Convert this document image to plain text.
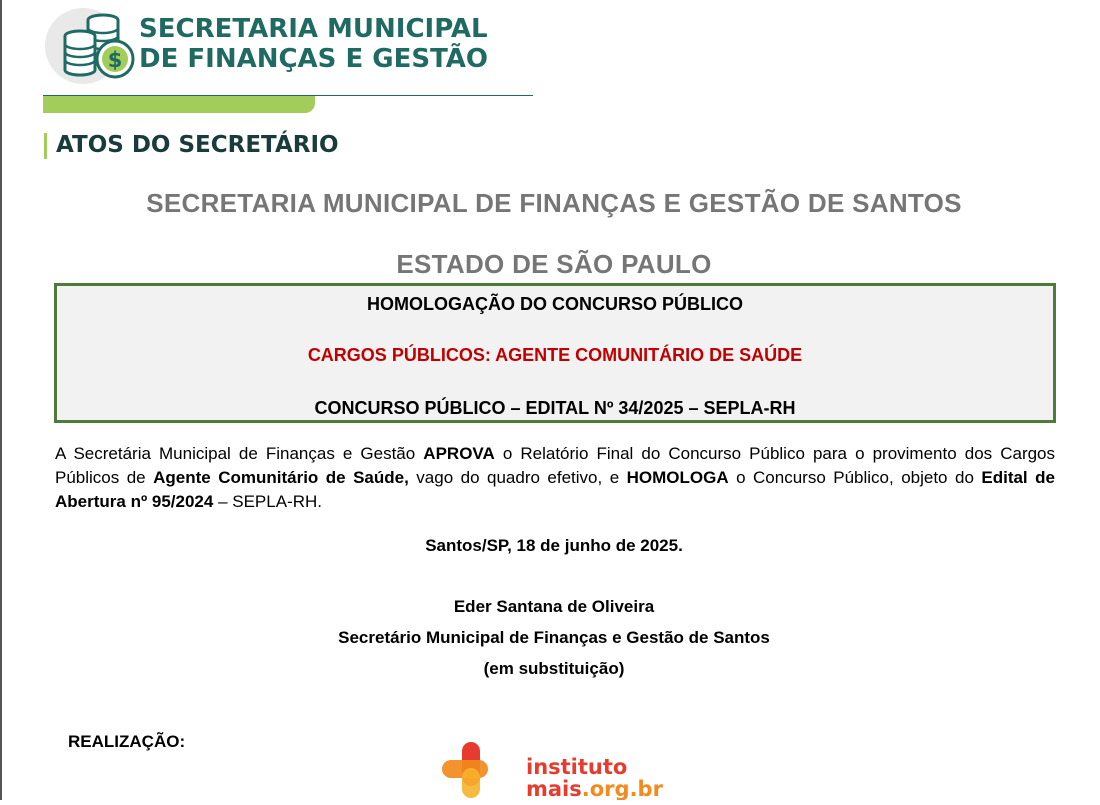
$
SECRETARIA MUNICIPAL
DE FINANÇAS E GESTÃO
ATOS DO SECRETÁRIO
SECRETARIA MUNICIPAL DE FINANÇAS E GESTÃO DE SANTOS
ESTADO DE SÃO PAULO
HOMOLOGAÇÃO DO CONCURSO PÚBLICO
CARGOS PÚBLICOS: AGENTE COMUNITÁRIO DE SAÚDE
CONCURSO PÚBLICO – EDITAL Nº 34/2025 – SEPLA-RH
A Secretária Municipal de Finanças e Gestão APROVA o Relatório Final do Concurso Público para o provimento dos Cargos Públicos de Agente Comunitário de Saúde, vago do quadro efetivo, e HOMOLOGA o Concurso Público, objeto do Edital de Abertura nº 95/2024 – SEPLA-RH.
Santos/SP, 18 de junho de 2025.
Eder Santana de Oliveira
Secretário Municipal de Finanças e Gestão de Santos
(em substituição)
REALIZAÇÃO:
instituto
mais.org.br
